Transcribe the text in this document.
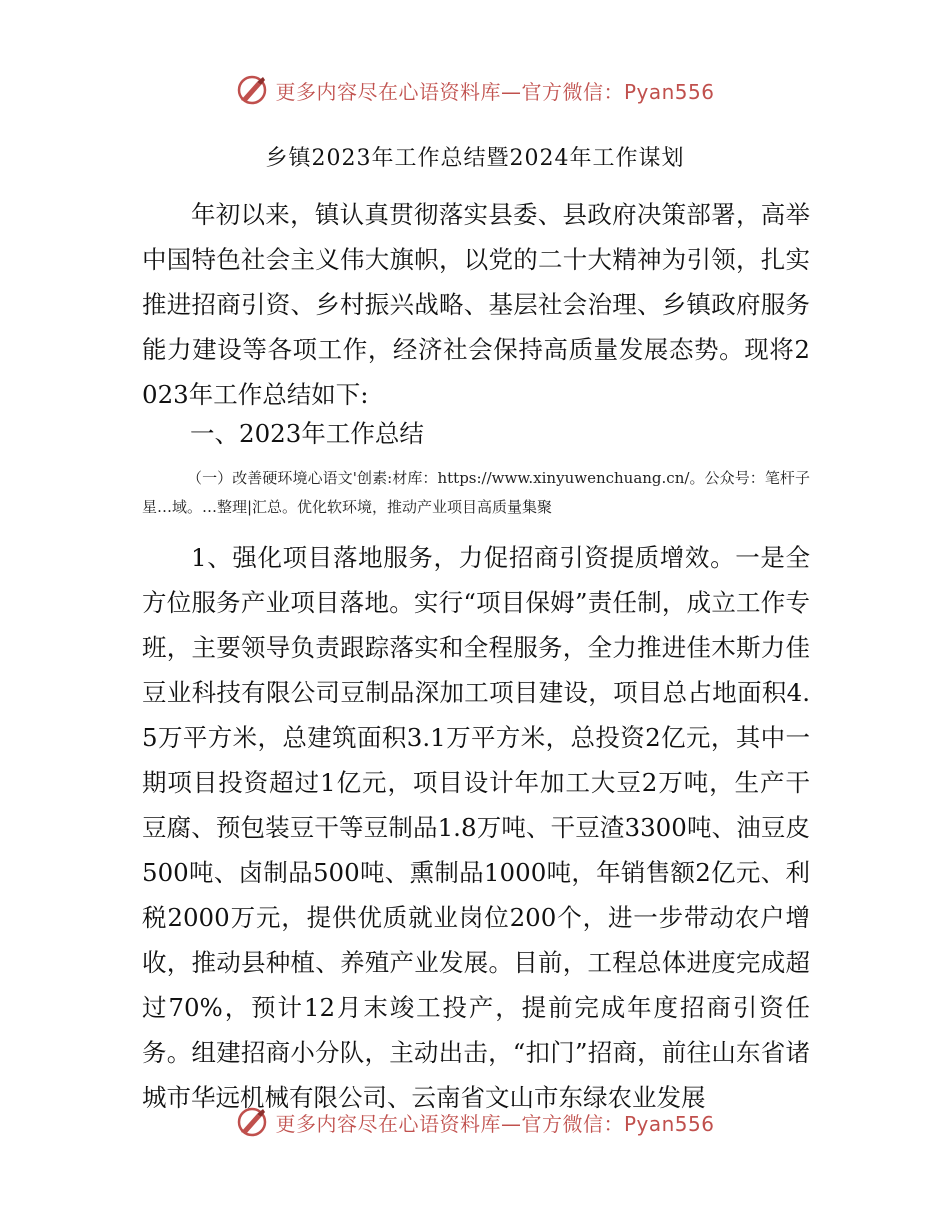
更多内容尽在心语资料库—官方微信：Pyan556
乡镇2023年工作总结暨2024年工作谋划

年初以来，镇认真贯彻落实县委、县政府决策部署，高举中国特色社会主义伟大旗帜，以党的二十大精神为引领，扎实推进招商引资、乡村振兴战略、基层社会治理、乡镇政府服务能力建设等各项工作，经济社会保持高质量发展态势。现将2023年工作总结如下:

一、2023年工作总结

（一）改善硬环境心语文'创素:材库：https://www.xinyuwenchuang.cn/。公众号：笔杆子星…域。…整理|汇总。优化软环境，推动产业项目高质量集聚

1、强化项目落地服务，力促招商引资提质增效。一是全方位服务产业项目落地。实行“项目保姆”责任制，成立工作专班，主要领导负责跟踪落实和全程服务，全力推进佳木斯力佳豆业科技有限公司豆制品深加工项目建设，项目总占地面积4.5万平方米，总建筑面积3.1万平方米，总投资2亿元，其中一期项目投资超过1亿元，项目设计年加工大豆2万吨，生产干豆腐、预包装豆干等豆制品1.8万吨、干豆渣3300吨、油豆皮500吨、卤制品500吨、熏制品1000吨，年销售额2亿元、利税2000万元，提供优质就业岗位200个，进一步带动农户增收，推动县种植、养殖产业发展。目前，工程总体进度完成超过70%，预计12月末竣工投产，提前完成年度招商引资任务。组建招商小分队，主动出击，“扣门”招商，前往山东省诸城市华远机械有限公司、云南省文山市东绿农业发展

更多内容尽在心语资料库—官方微信：Pyan556
